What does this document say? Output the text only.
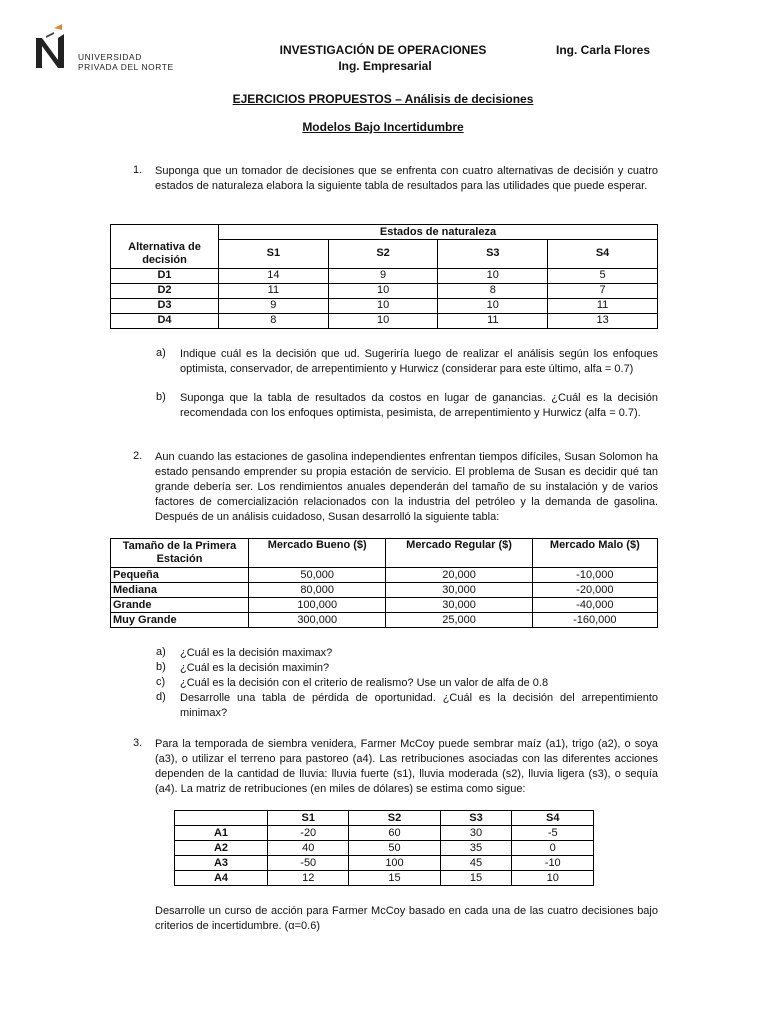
UNIVERSIDAD
PRIVADA DEL NORTE
INVESTIGACIÓN DE OPERACIONES	Ing. Carla Flores
Ing. Empresarial
EJERCICIOS PROPUESTOS – Análisis de decisiones
Modelos Bajo Incertidumbre
1. Suponga que un tomador de decisiones que se enfrenta con cuatro alternativas de decisión y cuatro estados de naturaleza elabora la siguiente tabla de resultados para las utilidades que puede esperar.
	Estados de naturaleza			
Alternativa de decisión	S1	S2	S3	S4
D1	14	9	10	5
D2	11	10	8	7
D3	9	10	10	11
D4	8	10	11	13
a) Indique cuál es la decisión que ud. Sugeriría luego de realizar el análisis según los enfoques optimista, conservador, de arrepentimiento y Hurwicz (considerar para este último, alfa = 0.7)
b) Suponga que la tabla de resultados da costos en lugar de ganancias. ¿Cuál es la decisión recomendada con los enfoques optimista, pesimista, de arrepentimiento y Hurwicz (alfa = 0.7).
2. Aun cuando las estaciones de gasolina independientes enfrentan tiempos difíciles, Susan Solomon ha estado pensando emprender su propia estación de servicio. El problema de Susan es decidir qué tan grande debería ser. Los rendimientos anuales dependerán del tamaño de su instalación y de varios factores de comercialización relacionados con la industria del petróleo y la demanda de gasolina. Después de un análisis cuidadoso, Susan desarrolló la siguiente tabla:
Tamaño de la Primera Estación	Mercado Bueno ($)	Mercado Regular ($)	Mercado Malo ($)
Pequeña	50,000	20,000	-10,000
Mediana	80,000	30,000	-20,000
Grande	100,000	30,000	-40,000
Muy Grande	300,000	25,000	-160,000
a) ¿Cuál es la decisión maximax?
b) ¿Cuál es la decisión maximin?
c) ¿Cuál es la decisión con el criterio de realismo? Use un valor de alfa de 0.8
d) Desarrolle una tabla de pérdida de oportunidad. ¿Cuál es la decisión del arrepentimiento minimax?
3. Para la temporada de siembra venidera, Farmer McCoy puede sembrar maíz (a1), trigo (a2), o soya (a3), o utilizar el terreno para pastoreo (a4). Las retribuciones asociadas con las diferentes acciones dependen de la cantidad de lluvia: lluvia fuerte (s1), lluvia moderada (s2), lluvia ligera (s3), o sequía (a4). La matriz de retribuciones (en miles de dólares) se estima como sigue:
	S1	S2	S3	S4
A1	-20	60	30	-5
A2	40	50	35	0
A3	-50	100	45	-10
A4	12	15	15	10
Desarrolle un curso de acción para Farmer McCoy basado en cada una de las cuatro decisiones bajo criterios de incertidumbre. (α=0.6)
